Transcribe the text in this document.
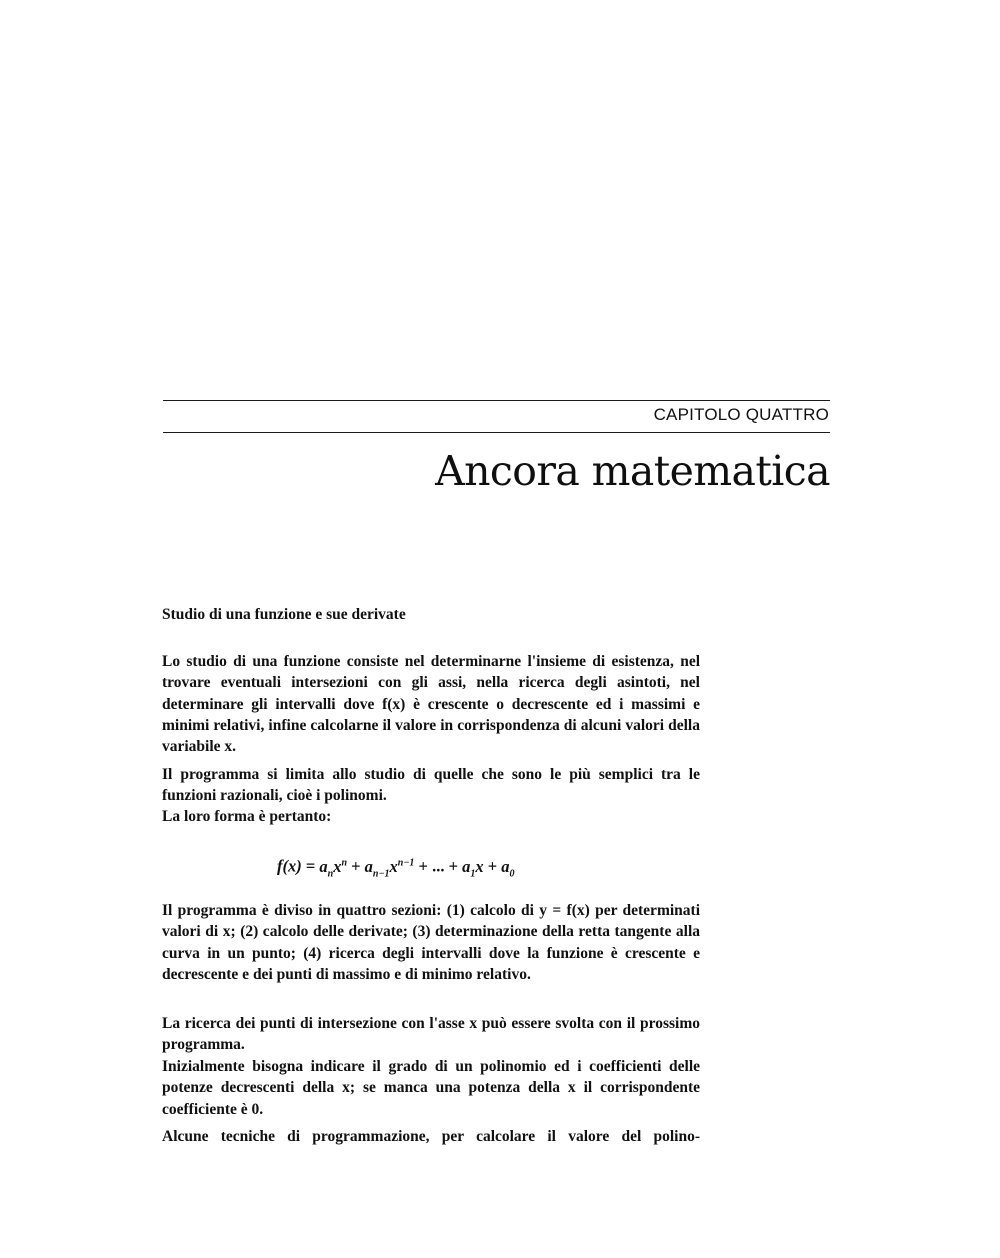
CAPITOLO QUATTRO
Ancora matematica
Studio di una funzione e sue derivate

Lo studio di una funzione consiste nel determinarne l'insieme di esistenza, nel trovare eventuali intersezioni con gli assi, nella ricerca degli asintoti, nel determinare gli intervalli dove f(x) è crescente o decrescente ed i massimi e minimi relativi, infine calcolarne il valore in corrispondenza di alcuni valori della variabile x.

Il programma si limita allo studio di quelle che sono le più semplici tra le funzioni razionali, cioè i polinomi.

La loro forma è pertanto:

$f(x) = a_nx^n + a_{n-1}x^{n-1}$ + ... + $a_1x + a_0$

Il programma è diviso in quattro sezioni: (1) calcolo di y = f(x) per determinati valori di x; (2) calcolo delle derivate; (3) determinazione della retta tangente alla curva in un punto; (4) ricerca degli intervalli dove la funzione è crescente e decrescente e dei punti di massimo e di minimo relativo.

La ricerca dei punti di intersezione con l'asse x può essere svolta con il prossimo programma.

Inizialmente bisogna indicare il grado di un polinomio ed i coefficienti delle potenze decrescenti della x; se manca una potenza della x il corrispondente coefficiente è 0.

Alcune tecniche di programmazione, per calcolare il valore del polino-
